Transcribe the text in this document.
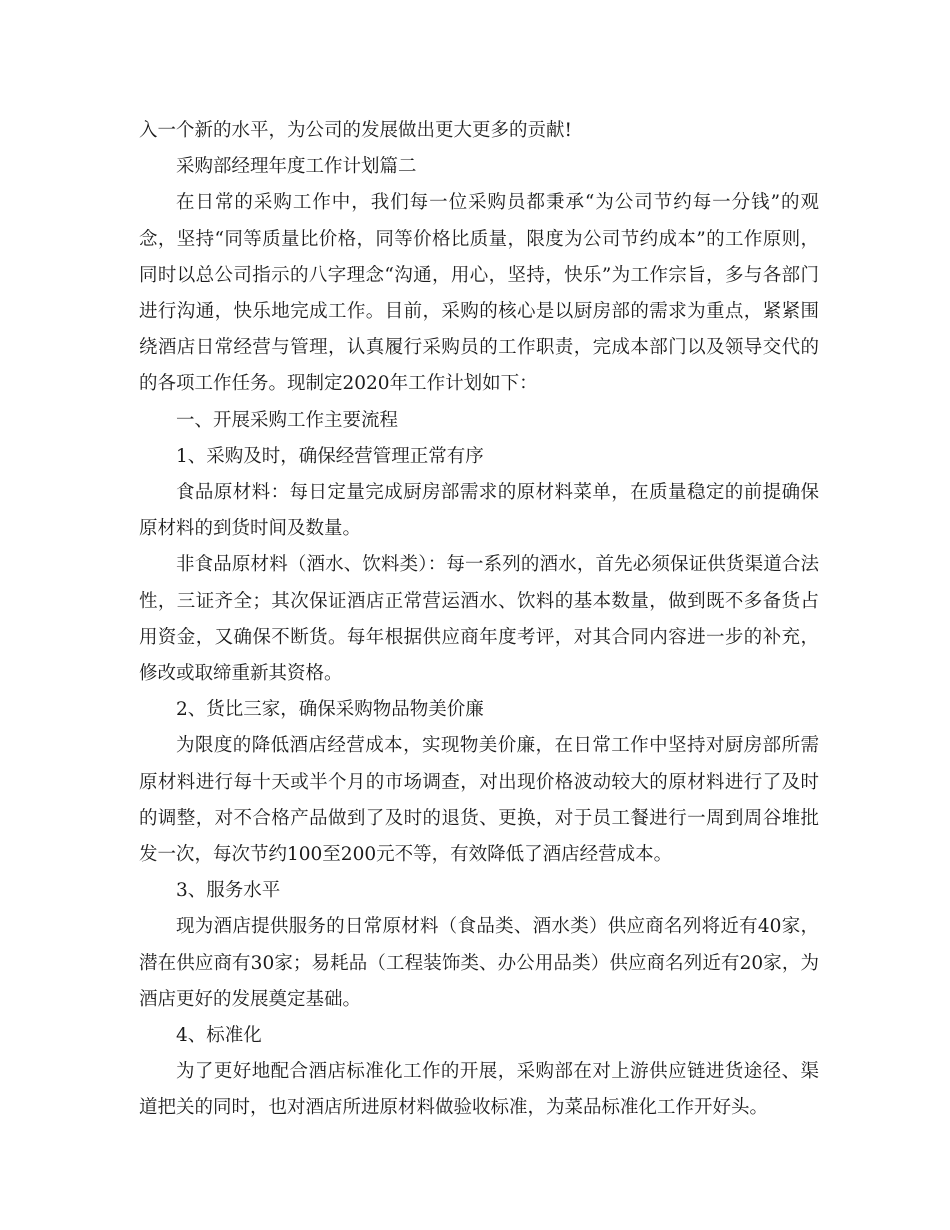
入一个新的水平，为公司的发展做出更大更多的贡献!

采购部经理年度工作计划篇二

在日常的采购工作中，我们每一位采购员都秉承“为公司节约每一分钱”的观念，坚持“同等质量比价格，同等价格比质量，限度为公司节约成本”的工作原则，同时以总公司指示的八字理念“沟通，用心，坚持，快乐”为工作宗旨，多与各部门进行沟通，快乐地完成工作。目前，采购的核心是以厨房部的需求为重点，紧紧围绕酒店日常经营与管理，认真履行采购员的工作职责，完成本部门以及领导交代的的各项工作任务。现制定2020年工作计划如下：

一、开展采购工作主要流程

1、采购及时，确保经营管理正常有序

食品原材料：每日定量完成厨房部需求的原材料菜单，在质量稳定的前提确保原材料的到货时间及数量。

非食品原材料（酒水、饮料类）：每一系列的酒水，首先必须保证供货渠道合法性，三证齐全；其次保证酒店正常营运酒水、饮料的基本数量，做到既不多备货占用资金，又确保不断货。每年根据供应商年度考评，对其合同内容进一步的补充，修改或取缔重新其资格。

2、货比三家，确保采购物品物美价廉

为限度的降低酒店经营成本，实现物美价廉，在日常工作中坚持对厨房部所需原材料进行每十天或半个月的市场调查，对出现价格波动较大的原材料进行了及时的调整，对不合格产品做到了及时的退货、更换，对于员工餐进行一周到周谷堆批发一次，每次节约100至200元不等，有效降低了酒店经营成本。

3、服务水平

现为酒店提供服务的日常原材料（食品类、酒水类）供应商名列将近有40家，潜在供应商有30家；易耗品（工程装饰类、办公用品类）供应商名列近有20家，为酒店更好的发展奠定基础。

4、标准化

为了更好地配合酒店标准化工作的开展，采购部在对上游供应链进货途径、渠道把关的同时，也对酒店所进原材料做验收标准，为菜品标准化工作开好头。
